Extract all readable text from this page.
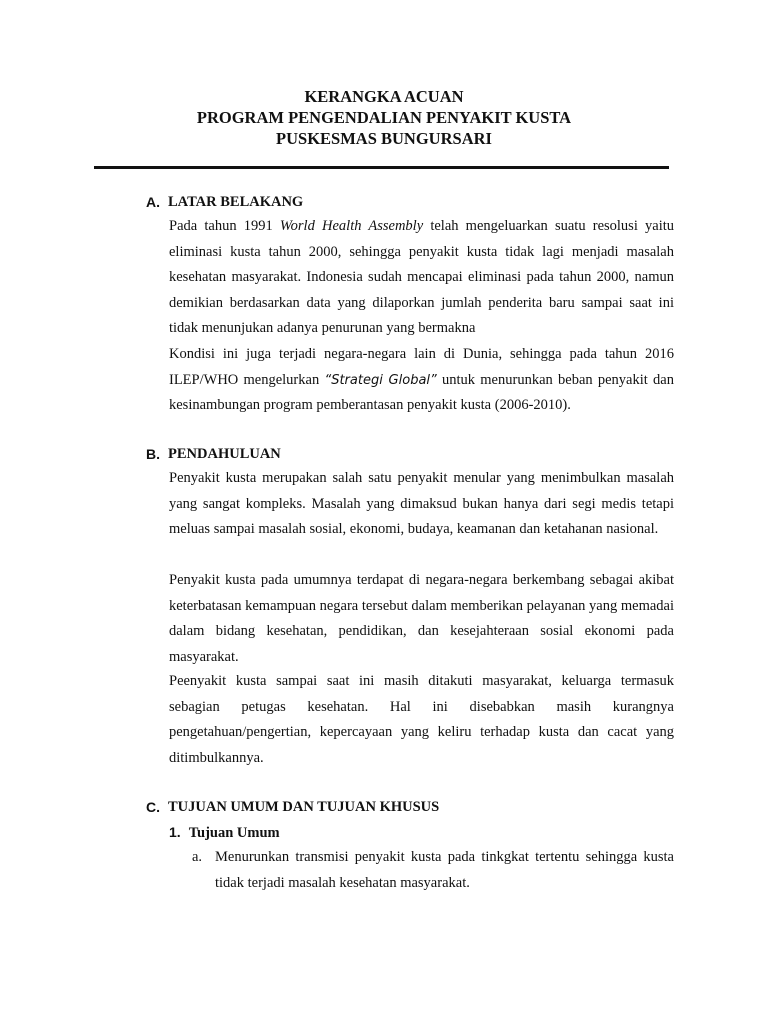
KERANGKA ACUAN
PROGRAM PENGENDALIAN PENYAKIT KUSTA
PUSKESMAS BUNGURSARI
A. LATAR BELAKANG
Pada tahun 1991 World Health Assembly telah mengeluarkan suatu resolusi yaitu eliminasi kusta tahun 2000, sehingga penyakit kusta tidak lagi menjadi masalah kesehatan masyarakat. Indonesia sudah mencapai eliminasi pada tahun 2000, namun demikian berdasarkan data yang dilaporkan jumlah penderita baru sampai saat ini tidak menunjukan adanya penurunan yang bermakna
Kondisi ini juga terjadi negara-negara lain di Dunia, sehingga pada tahun 2016 ILEP/WHO mengelurkan “Strategi Global” untuk menurunkan beban penyakit dan kesinambungan program pemberantasan penyakit kusta (2006-2010).
B. PENDAHULUAN
Penyakit kusta merupakan salah satu penyakit menular yang menimbulkan masalah yang sangat kompleks. Masalah yang dimaksud bukan hanya dari segi medis tetapi meluas sampai masalah sosial, ekonomi, budaya, keamanan dan ketahanan nasional.
Penyakit kusta pada umumnya terdapat di negara-negara berkembang sebagai akibat keterbatasan kemampuan negara tersebut dalam memberikan pelayanan yang memadai dalam bidang kesehatan, pendidikan, dan kesejahteraan sosial ekonomi pada masyarakat.
Peenyakit kusta sampai saat ini masih ditakuti masyarakat, keluarga termasuk sebagian petugas kesehatan. Hal ini disebabkan masih kurangnya pengetahuan/pengertian, kepercayaan yang keliru terhadap kusta dan cacat yang ditimbulkannya.
C. TUJUAN UMUM DAN TUJUAN KHUSUS
1. Tujuan Umum
a. Menurunkan transmisi penyakit kusta pada tinkgkat tertentu sehingga kusta tidak terjadi masalah kesehatan masyarakat.
